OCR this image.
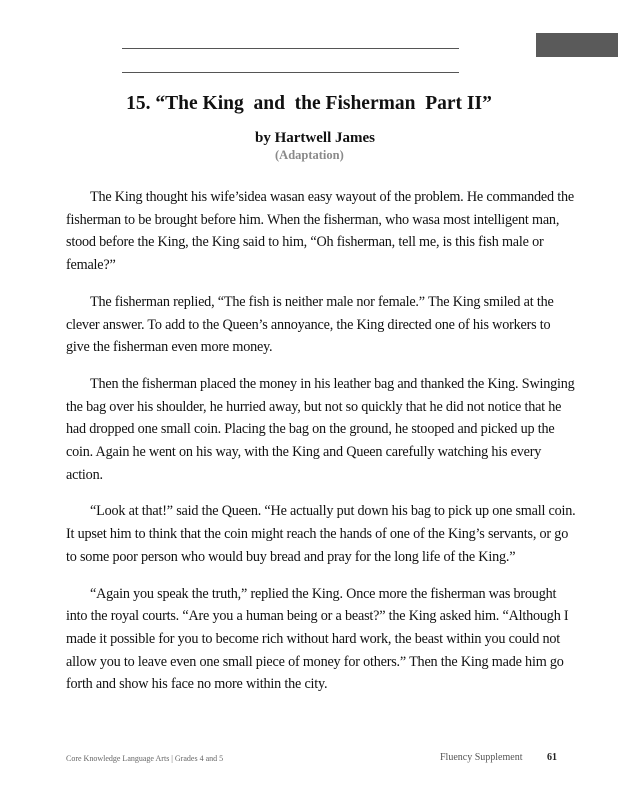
15. “The King  and  the Fisherman  Part II”
by Hartwell James
(Adaptation)

The King thought his wife’sidea wasan easy wayout of the problem. He commanded the fisherman to be brought before him. When the fisherman, who wasa most intelligent man, stood before the King, the King said to him, “Oh fisherman, tell me, is this fish male or female?”

The fisherman replied, “The fish is neither male nor female.” The King smiled at the clever answer. To add to the Queen’s annoyance, the King directed one of his workers to give the fisherman even more money.

Then the fisherman placed the money in his leather bag and thanked the King. Swinging the bag over his shoulder, he hurried away, but not so quickly that he did not notice that he had dropped one small coin. Placing the bag on the ground, he stooped and picked up the coin. Again he went on his way, with the King and Queen carefully watching his every action.

“Look at that!” said the Queen. “He actually put down his bag to pick up one small coin. It upset him to think that the coin might reach the hands of one of the King’s servants, or go to some poor person who would buy bread and pray for the long life of the King.”

“Again you speak the truth,” replied the King. Once more the fisherman was brought into the royal courts. “Are you a human being or a beast?” the King asked him. “Although I made it possible for you to become rich without hard work, the beast within you could not allow you to leave even one small piece of money for others.” Then the King made him go forth and show his face no more within the city.

Core Knowledge Language Arts | Grades 4 and 5	Fluency Supplement 61
